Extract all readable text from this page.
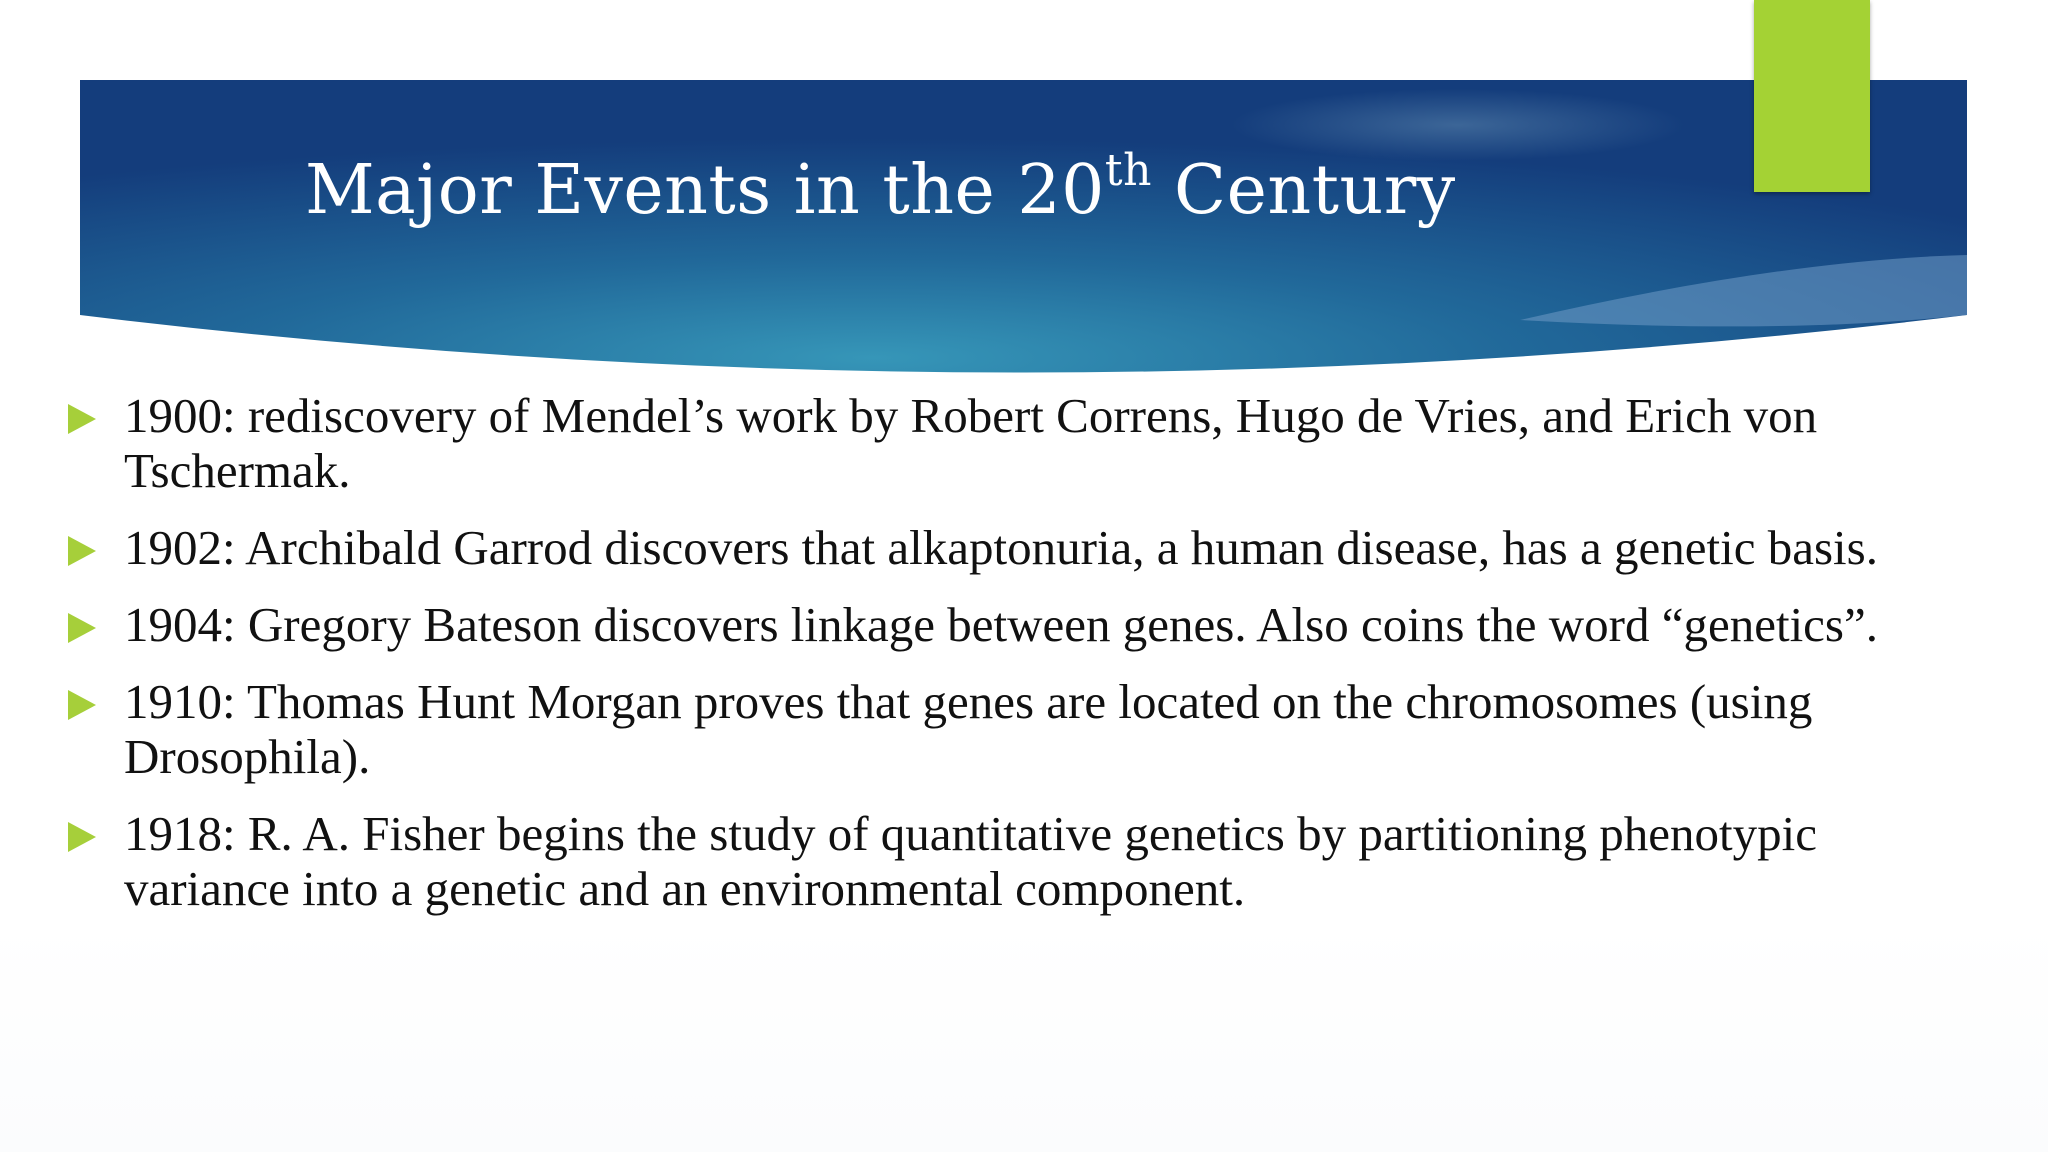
Major Events in the 20th Century
1900: rediscovery of Mendel’s work by Robert Correns, Hugo de Vries, and Erich von Tschermak.
1902: Archibald Garrod discovers that alkaptonuria, a human disease, has a genetic basis.
1904: Gregory Bateson discovers linkage between genes. Also coins the word “genetics”.
1910: Thomas Hunt Morgan proves that genes are located on the chromosomes (using Drosophila).
1918: R. A. Fisher begins the study of quantitative genetics by partitioning phenotypic variance into a genetic and an environmental component.
